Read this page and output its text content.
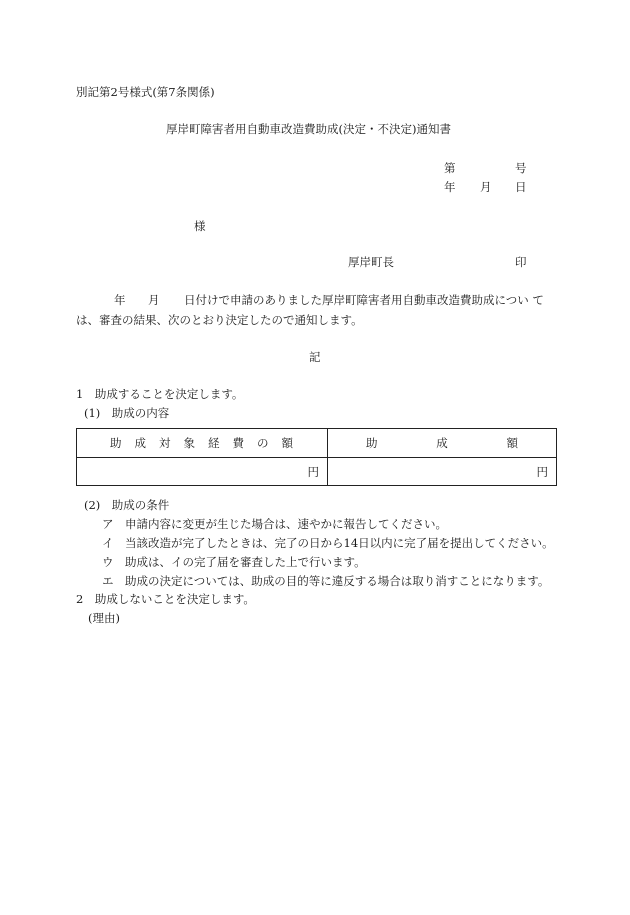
別記第2号様式(第7条関係)
厚岸町障害者用自動車改造費助成(決定・不決定)通知書
第	号
年 月 日
様
厚岸町長	印
年 月 日付けで申請のありました厚岸町障害者用自動車改造費助成につい て
は、審査の結果、次のとおり決定したので通知します。
記
1　助成することを決定します。
(1)　助成の内容
助成対象経費の額	助 成 額

円	円
(2)　助成の条件
ア　申請内容に変更が生じた場合は、速やかに報告してください。
イ　当該改造が完了したときは、完了の日から14日以内に完了届を提出してください。
ウ　助成は、イの完了届を審査した上で行います。
エ　助成の決定については、助成の目的等に違反する場合は取り消すことになります。
2　助成しないことを決定します。
(理由)
